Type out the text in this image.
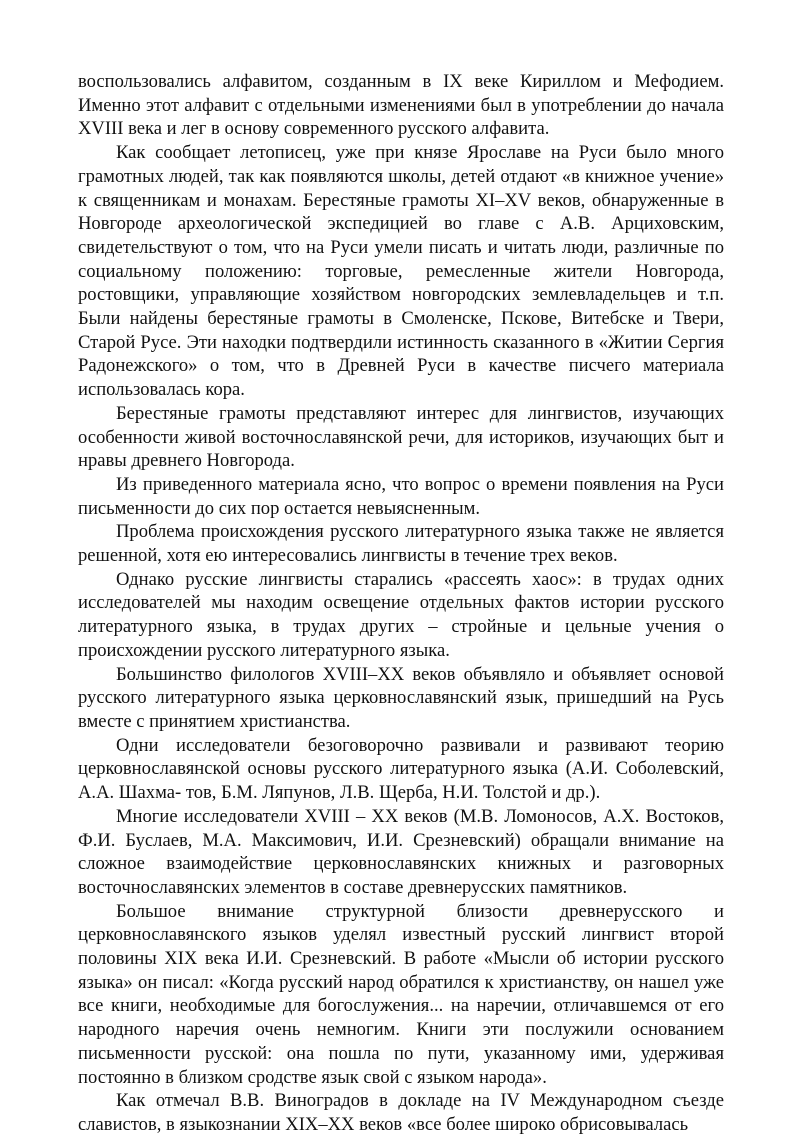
воспользовались алфавитом, созданным в IX веке Кириллом и Мефодием. Именно этот алфавит с отдельными изменениями был в употреблении до начала XVIII века и лег в основу современного русского алфавита.

Как сообщает летописец, уже при князе Ярославе на Руси было много грамотных людей, так как появляются школы, детей отдают «в книжное учение» к священникам и монахам. Берестяные грамоты XI–XV веков, обнаруженные в Новгороде археологической экспедицией во главе с А.В. Арциховским, свидетельствуют о том, что на Руси умели писать и читать люди, различные по социальному положению: торговые, ремесленные жители Новгорода, ростовщики, управляющие хозяйством новгородских землевладельцев и т.п. Были найдены берестяные грамоты в Смоленске, Пскове, Витебске и Твери, Старой Русе. Эти находки подтвердили истинность сказанного в «Житии Сергия Радонежского» о том, что в Древней Руси в качестве писчего материала использовалась кора.

Берестяные грамоты представляют интерес для лингвистов, изучающих особенности живой восточнославянской речи, для историков, изучающих быт и нравы древнего Новгорода.

Из приведенного материала ясно, что вопрос о времени появления на Руси письменности до сих пор остается невыясненным.

Проблема происхождения русского литературного языка также не является решенной, хотя ею интересовались лингвисты в течение трех веков.

Однако русские лингвисты старались «рассеять хаос»: в трудах одних исследователей мы находим освещение отдельных фактов истории русского литературного языка, в трудах других – стройные и цельные учения о происхождении русского литературного языка.

Большинство филологов XVIII–XX веков объявляло и объявляет основой русского литературного языка церковнославянский язык, пришедший на Русь вместе с принятием христианства.

Одни исследователи безоговорочно развивали и развивают теорию церковнославянской основы русского литературного языка (А.И. Соболевский, А.А. Шахма- тов, Б.М. Ляпунов, Л.В. Щерба, Н.И. Толстой и др.).

Многие исследователи XVIII – XX веков (М.В. Ломоносов, А.Х. Востоков, Ф.И. Буслаев, М.А. Максимович, И.И. Срезневский) обращали внимание на сложное взаимодействие церковнославянских книжных и разговорных восточнославянских элементов в составе древнерусских памятников.

Большое внимание структурной близости древнерусского и церковнославянского языков уделял известный русский лингвист второй половины XIX века И.И. Срезневский. В работе «Мысли об истории русского языка» он писал: «Когда русский народ обратился к христианству, он нашел уже все книги, необходимые для богослужения... на наречии, отличавшемся от его народного наречия очень немногим. Книги эти послужили основанием письменности русской: она пошла по пути, указанному ими, удерживая постоянно в близком сродстве язык свой с языком народа».

Как отмечал В.В. Виноградов в докладе на IV Международном съезде славистов, в языкознании XIX–XX веков «все более широко обрисовывалась
